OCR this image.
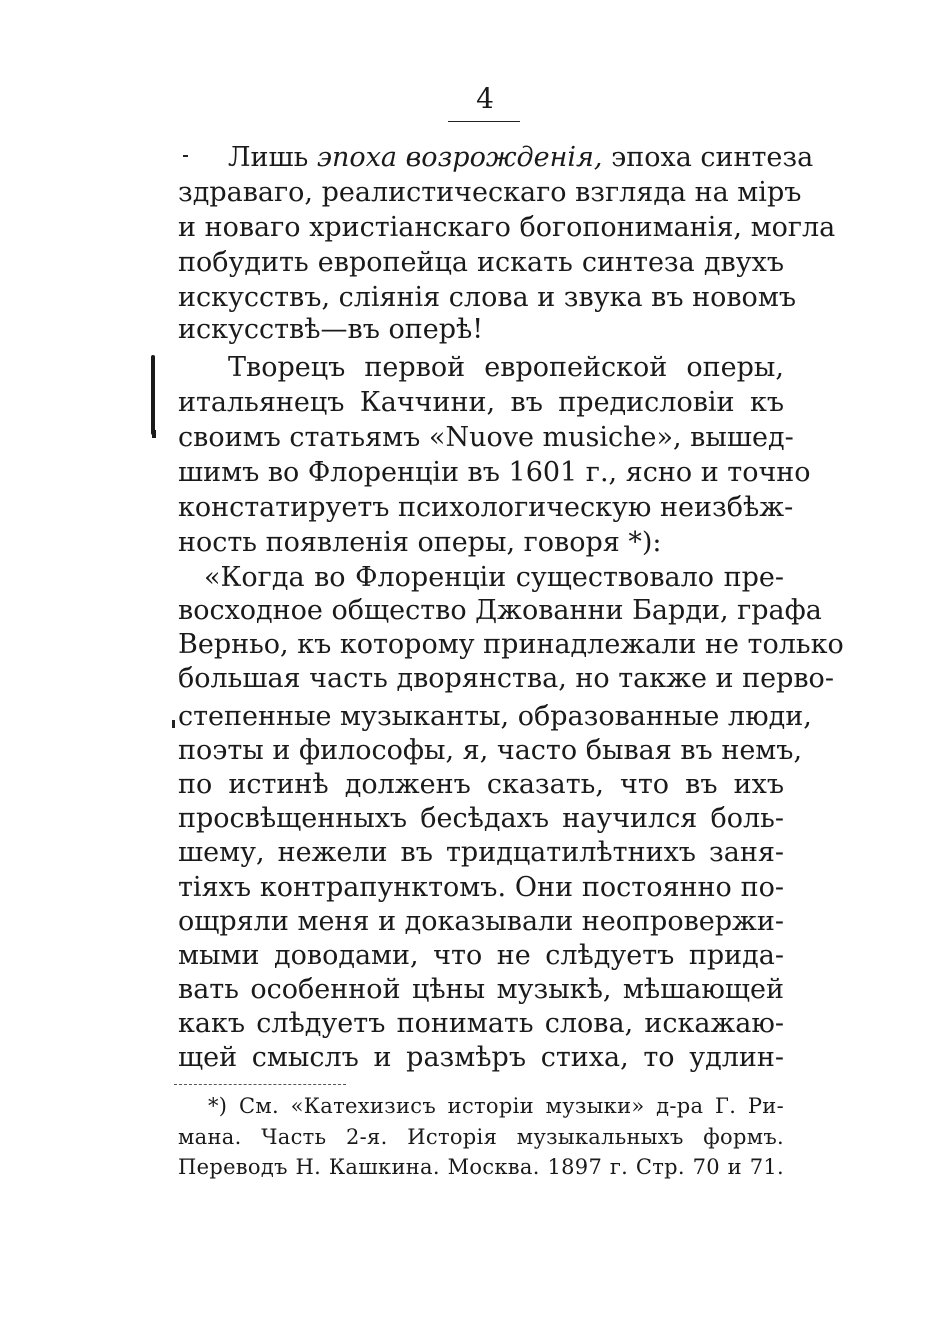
4
Лишь эпоха возрожденія, эпоха синтеза
здраваго, реалистическаго взгляда на міръ
и новаго христіанскаго богопониманія, могла
побудить европейца искать синтеза двухъ
искусствъ, сліянія слова и звука въ новомъ
искусствѣ—въ оперѣ!
Творецъ первой европейской оперы,
итальянецъ Каччини, въ предисловіи къ
своимъ статьямъ «Nuove musiche», вышед-
шимъ во Флоренціи въ 1601 г., ясно и точно
констатируетъ психологическую неизбѣж-
ность появленія оперы, говоря *):
«Когда во Флоренціи существовало пре-
восходное общество Джованни Барди, графа
Верньо, къ которому принадлежали не только
большая часть дворянства, но также и перво-
степенные музыканты, образованные люди,
поэты и философы, я, часто бывая въ немъ,
по истинѣ долженъ сказать, что въ ихъ
просвѣщенныхъ бесѣдахъ научился боль-
шему, нежели въ тридцатилѣтнихъ заня-
тіяхъ контрапунктомъ. Они постоянно по-
ощряли меня и доказывали неопровержи-
мыми доводами, что не слѣдуетъ прида-
вать особенной цѣны музыкѣ, мѣшающей
какъ слѣдуетъ понимать слова, искажаю-
щей смыслъ и размѣръ стиха, то удлин-
*) См. «Катехизисъ исторіи музыки» д-ра Г. Ри-
мана. Часть 2-я. Исторія музыкальныхъ формъ.
Переводъ Н. Кашкина. Москва. 1897 г. Стр. 70 и 71.
